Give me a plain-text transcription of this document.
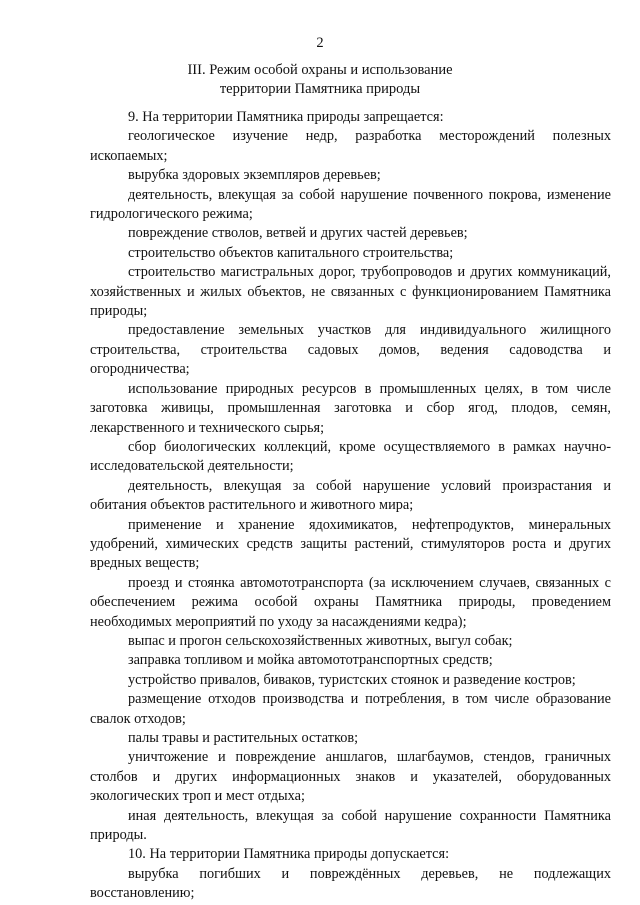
2
III. Режим особой охраны и использование
территории Памятника природы

9. На территории Памятника природы запрещается:

геологическое изучение недр, разработка месторождений полезных ископаемых;

вырубка здоровых экземпляров деревьев;

деятельность, влекущая за собой нарушение почвенного покрова, изменение гидрологического режима;

повреждение стволов, ветвей и других частей деревьев;

строительство объектов капитального строительства;

строительство магистральных дорог, трубопроводов и других коммуникаций, хозяйственных и жилых объектов, не связанных с функционированием Памятника природы;

предоставление земельных участков для индивидуального жилищного строительства, строительства садовых домов, ведения садоводства и огородничества;

использование природных ресурсов в промышленных целях, в том числе заготовка живицы, промышленная заготовка и сбор ягод, плодов, семян, лекарственного и технического сырья;

сбор биологических коллекций, кроме осуществляемого в рамках научно-исследовательской деятельности;

деятельность, влекущая за собой нарушение условий произрастания и обитания объектов растительного и животного мира;

применение и хранение ядохимикатов, нефтепродуктов, минеральных удобрений, химических средств защиты растений, стимуляторов роста и других вредных веществ;

проезд и стоянка автомототранспорта (за исключением случаев, связанных с обеспечением режима особой охраны Памятника природы, проведением необходимых мероприятий по уходу за насаждениями кедра);

выпас и прогон сельскохозяйственных животных, выгул собак;

заправка топливом и мойка автомототранспортных средств;

устройство привалов, биваков, туристских стоянок и разведение костров;

размещение отходов производства и потребления, в том числе образование свалок отходов;

палы травы и растительных остатков;

уничтожение и повреждение аншлагов, шлагбаумов, стендов, граничных столбов и других информационных знаков и указателей, оборудованных экологических троп и мест отдыха;

иная деятельность, влекущая за собой нарушение сохранности Памятника природы.

10. На территории Памятника природы допускается:

вырубка погибших и повреждённых деревьев, не подлежащих восстановлению;
